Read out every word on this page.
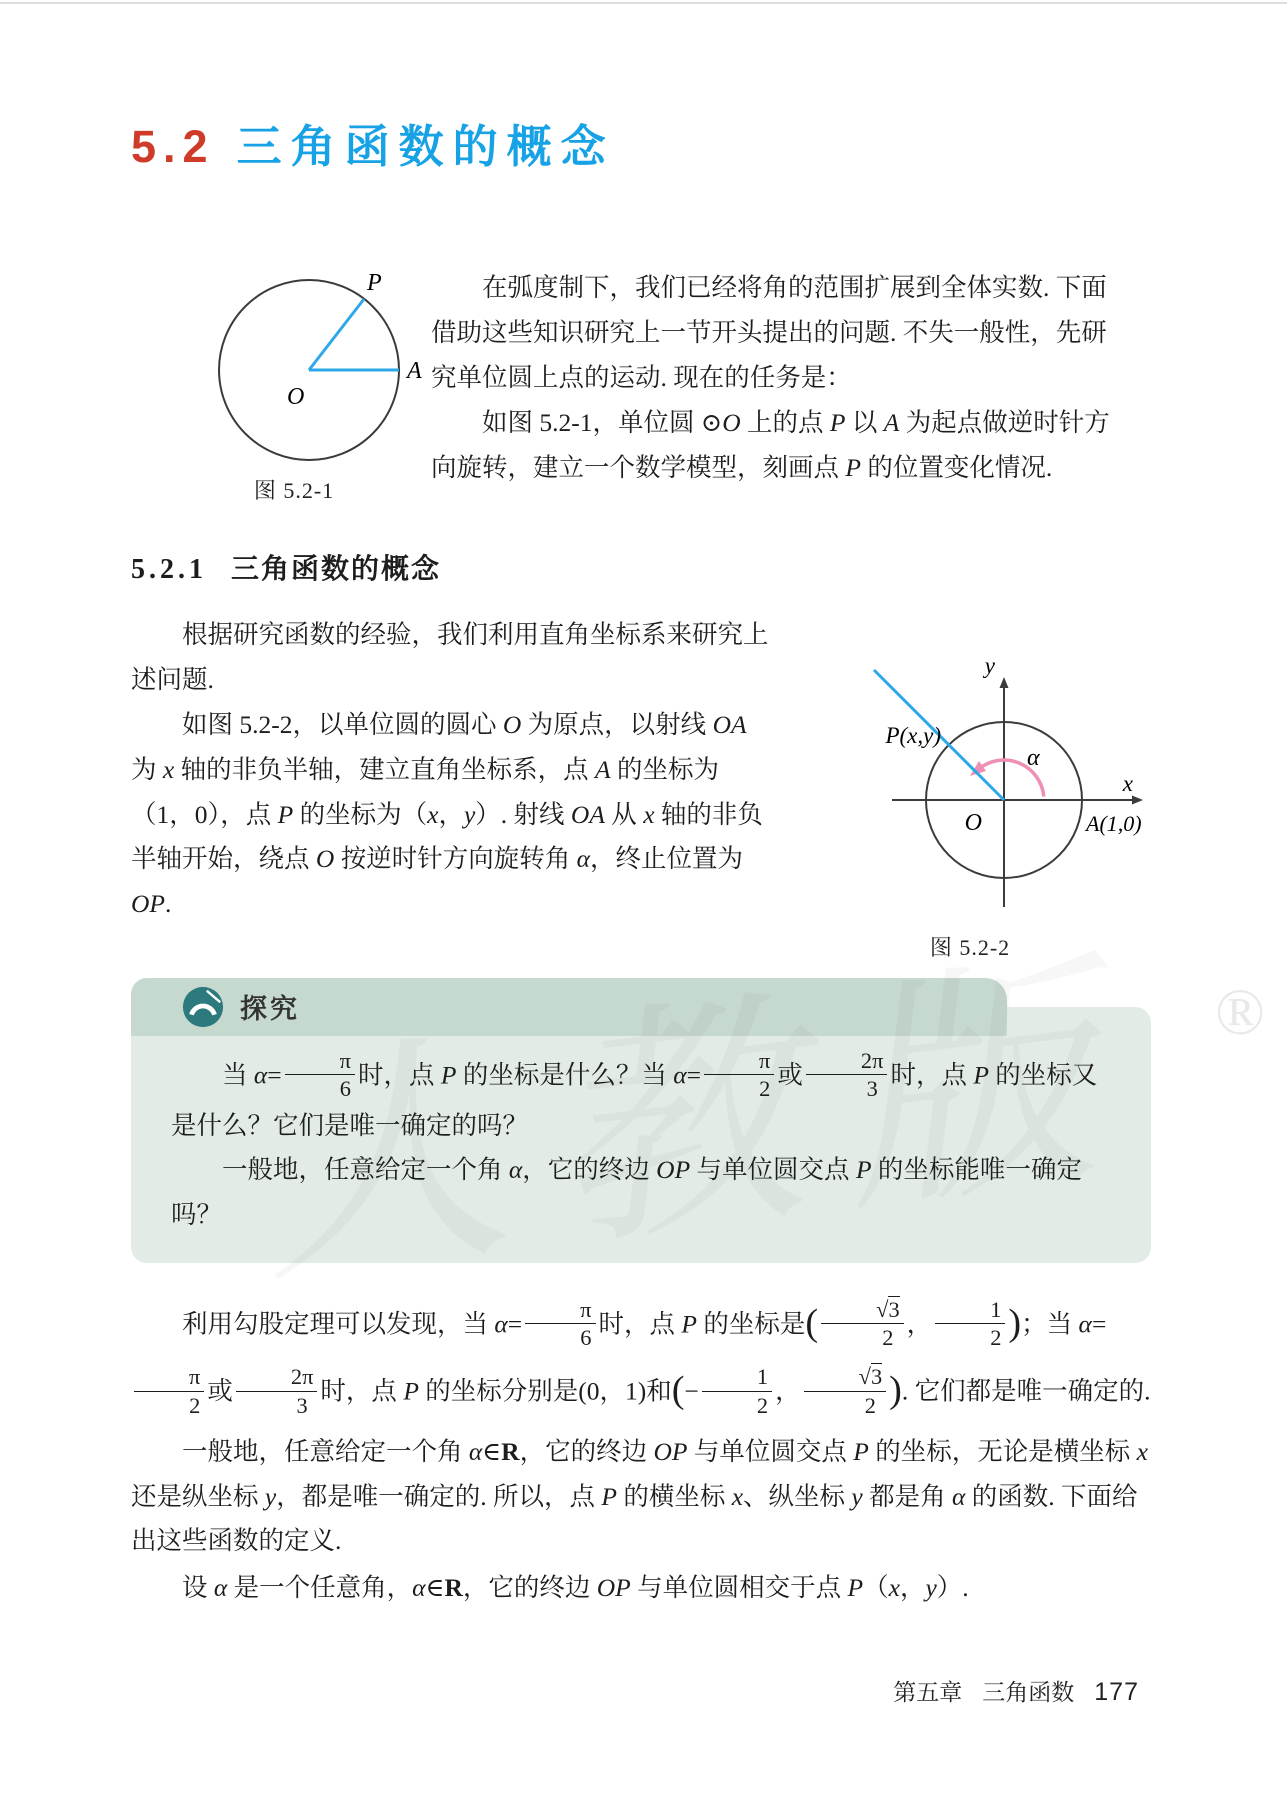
®
5.2 三角函数的概念
P
A
O
图 5.2-1

在弧度制下，我们已经将角的范围扩展到全体实数. 下面借助这些知识研究上一节开头提出的问题. 不失一般性，先研究单位圆上点的运动. 现在的任务是：

如图 5.2-1，单位圆 ⊙O 上的点 P 以 A 为起点做逆时针方向旋转，建立一个数学模型，刻画点 P 的位置变化情况.

5.2.1 三角函数的概念
y
x
P(x,y)
α
O	A(1,0)
图 5.2-2

根据研究函数的经验，我们利用直角坐标系来研究上述问题.

如图 5.2-2，以单位圆的圆心 O 为原点，以射线 OA 为 x 轴的非负半轴，建立直角坐标系，点 A 的坐标为（1，0），点 P 的坐标为（x，y）. 射线 OA 从 x 轴的非负半轴开始，绕点 O 按逆时针方向旋转角 α，终止位置为 OP.

探究

当 $\alpha= \frac{\pi}{6}$ 时，点 P 的坐标是什么？当 $\alpha= \frac{\pi}{2}$ 或 $\frac{2\pi}{3}$ 时，点 P 的坐标又是什么？它们是唯一确定的吗？

一般地，任意给定一个角 α，它的终边 OP 与单位圆交点 P 的坐标能唯一确定吗？

利用勾股定理可以发现，当 $\alpha= \frac{\pi}{6}$ 时，点 P 的坐标是( $\frac{√3}{2}$ ， $\frac{1}{2}$ )；当 α=
$\frac{\pi}{2}$ 或 $\frac{2\pi}{3}$ 时，点 P 的坐标分别是(0，1)和(− $\frac{1}{2}$ ， $\frac{√3}{2}$ ). 它们都是唯一确定的.

一般地，任意给定一个角 α∈R，它的终边 OP 与单位圆交点 P 的坐标，无论是横坐标 x 还是纵坐标 y，都是唯一确定的. 所以，点 P 的横坐标 x、纵坐标 y 都是角 α 的函数. 下面给出这些函数的定义.

设 α 是一个任意角，α∈R，它的终边 OP 与单位圆相交于点 P（x，y）.

第五章 三角函数 177
